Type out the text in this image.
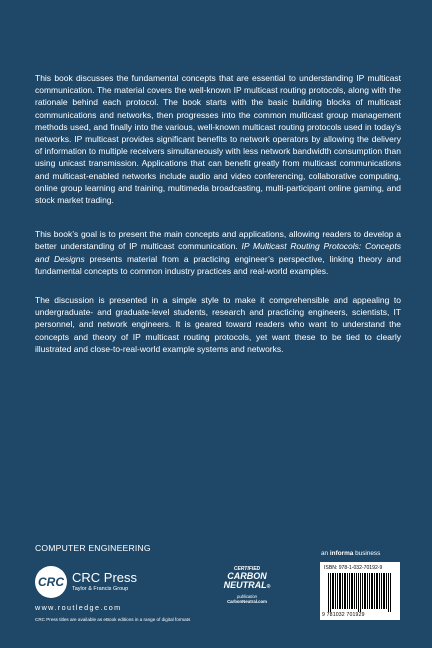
This book discusses the fundamental concepts that are essential to understanding IP multicast communication. The material covers the well-known IP multicast routing protocols, along with the rationale behind each protocol. The book starts with the basic building blocks of multicast communications and networks, then progresses into the common multicast group management methods used, and finally into the various, well-known multicast routing protocols used in today’s networks. IP multicast provides significant benefits to network operators by allowing the delivery of information to multiple receivers simultaneously with less network bandwidth consumption than using unicast transmission. Applications that can benefit greatly from multicast communications and multicast-enabled networks include audio and video conferencing, collaborative computing, online group learning and training, multimedia broadcasting, multi-participant online gaming, and stock market trading.

This book’s goal is to present the main concepts and applications, allowing readers to develop a better understanding of IP multicast communication. IP Multicast Routing Protocols: Concepts and Designs presents material from a practicing engineer’s perspective, linking theory and fundamental concepts to common industry practices and real-world examples.

The discussion is presented in a simple style to make it comprehensible and appealing to undergraduate- and graduate-level students, research and practicing engineers, scientists, IT personnel, and network engineers. It is geared toward readers who want to understand the concepts and theory of IP multicast routing protocols, yet want these to be tied to clearly illustrated and close-to-real-world example systems and networks.

COMPUTER ENGINEERING
CRC CRC Press
Taylor & Francis Group
www.routledge.com
CRC Press titles are available as eBook editions in a range of digital formats
CERTIFIED
CARBON
NEUTRAL®
publication
CarbonNeutral.com
an informa business
ISBN: 978-1-032-70192-9
9 781032 701929
